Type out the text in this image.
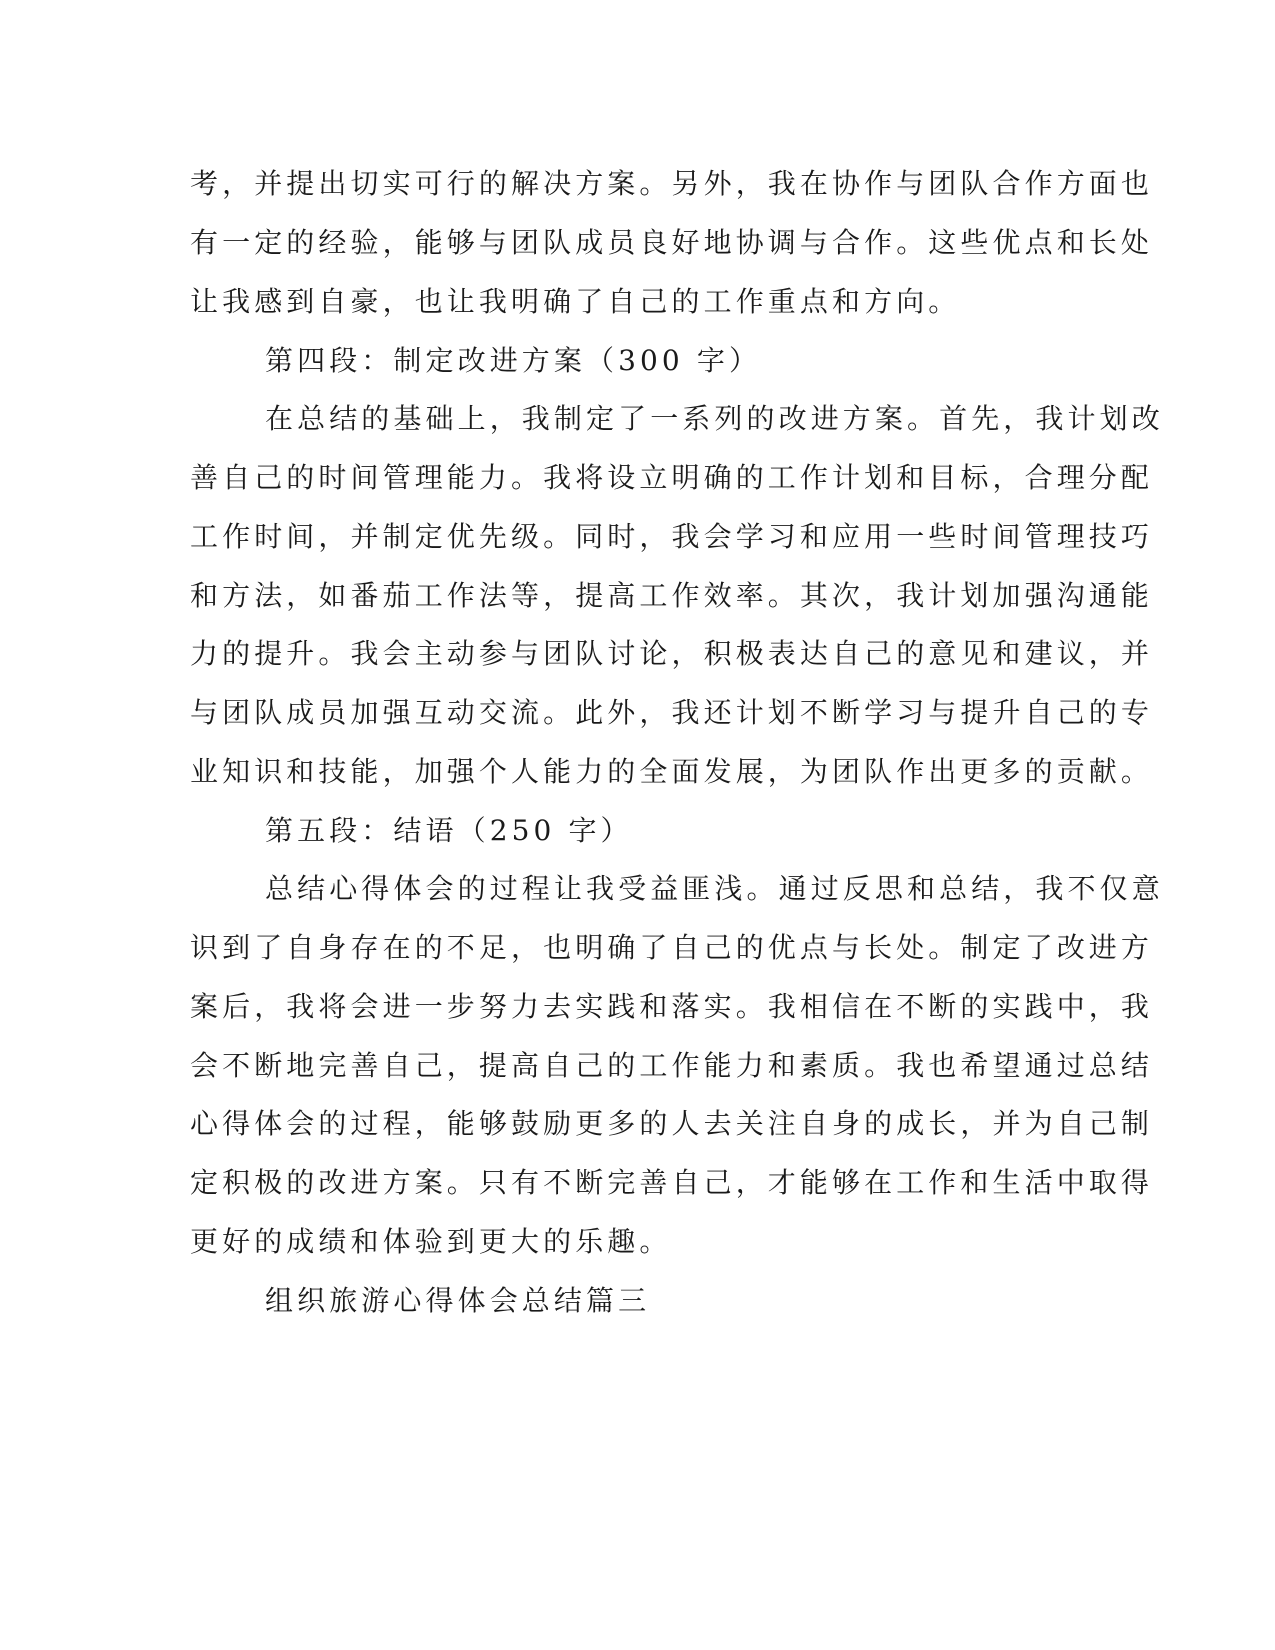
考，并提出切实可行的解决方案。另外，我在协作与团队合作方面也
有一定的经验，能够与团队成员良好地协调与合作。这些优点和长处
让我感到自豪，也让我明确了自己的工作重点和方向。
第四段：制定改进方案（300 字）
在总结的基础上，我制定了一系列的改进方案。首先，我计划改
善自己的时间管理能力。我将设立明确的工作计划和目标，合理分配
工作时间，并制定优先级。同时，我会学习和应用一些时间管理技巧
和方法，如番茄工作法等，提高工作效率。其次，我计划加强沟通能
力的提升。我会主动参与团队讨论，积极表达自己的意见和建议，并
与团队成员加强互动交流。此外，我还计划不断学习与提升自己的专
业知识和技能，加强个人能力的全面发展，为团队作出更多的贡献。
第五段：结语（250 字）
总结心得体会的过程让我受益匪浅。通过反思和总结，我不仅意
识到了自身存在的不足，也明确了自己的优点与长处。制定了改进方
案后，我将会进一步努力去实践和落实。我相信在不断的实践中，我
会不断地完善自己，提高自己的工作能力和素质。我也希望通过总结
心得体会的过程，能够鼓励更多的人去关注自身的成长，并为自己制
定积极的改进方案。只有不断完善自己，才能够在工作和生活中取得
更好的成绩和体验到更大的乐趣。
组织旅游心得体会总结篇三
